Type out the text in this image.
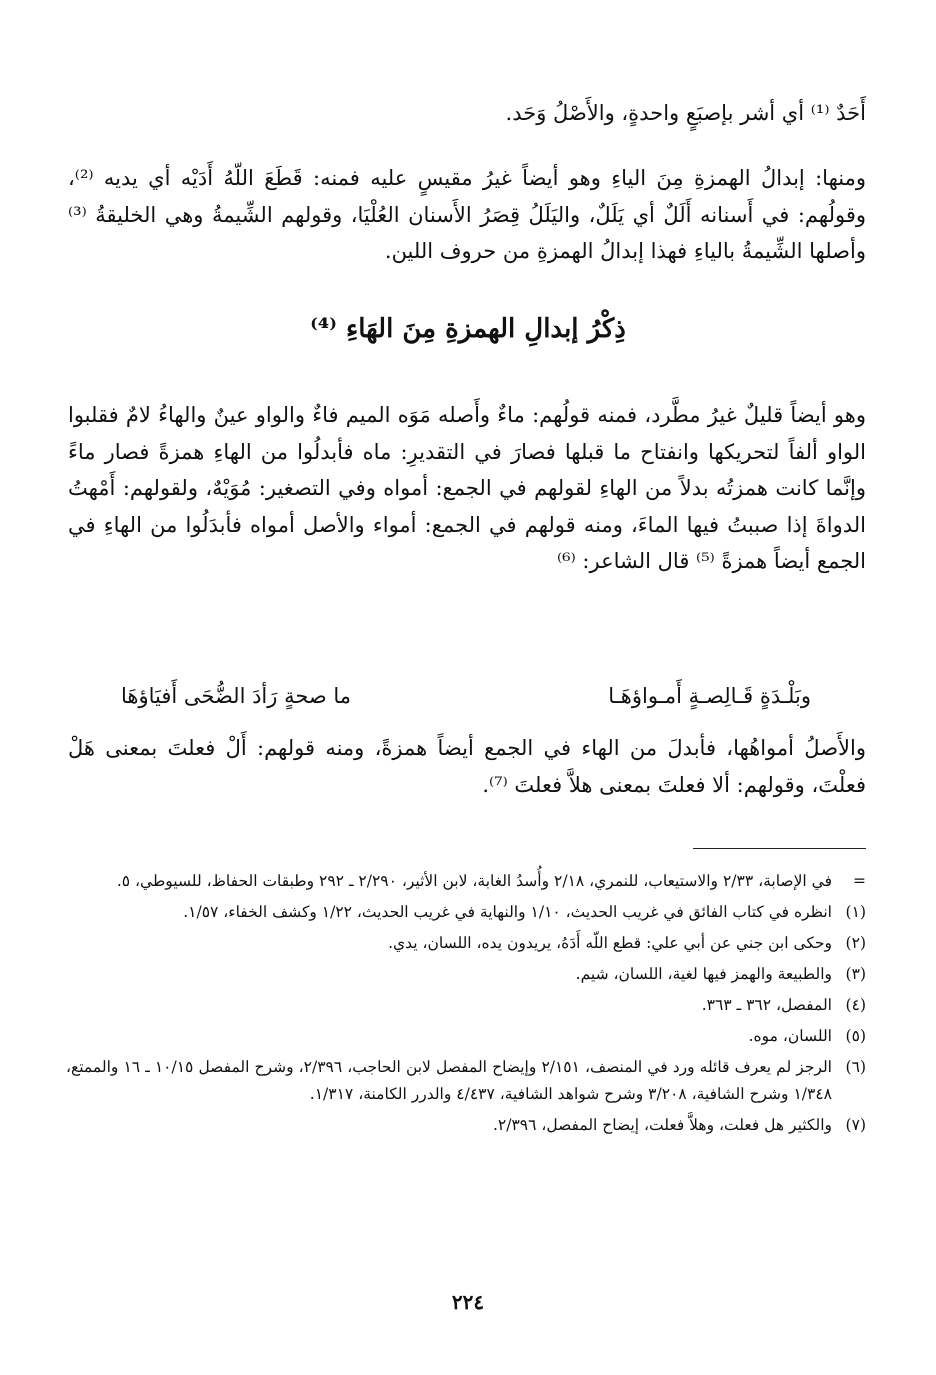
أَحَدٌ ⁽¹⁾ أي أشر بإصبَعٍ واحدةٍ، والأَصْلُ وَحَد.

ومنها: إبدالُ الهمزةِ مِنَ الياءِ وهو أيضاً غيرُ مقيسٍ عليه فمنه: قَطَعَ اللّهُ أَدَيْه أي يديه ⁽²⁾، وقولُهم: في أَسنانه أَلَلٌ أي يَلَلٌ، واليَلَلُ قِصَرُ الأَسنان العُلْيَا، وقولهم الشِّيمةُ وهي الخليقةُ ⁽³⁾ وأصلها الشِّيمةُ بالياءِ فهذا إبدالُ الهمزةِ من حروف اللين.

ذِكْرُ إبدالِ الهمزةِ مِنَ الهَاءِ ⁽⁴⁾

وهو أيضاً قليلٌ غيرُ مطَّرد، فمنه قولُهم: ماءٌ وأَصله مَوَه الميم فاءٌ والواو عينٌ والهاءُ لامٌ فقلبوا الواو ألفاً لتحريكها وانفتاح ما قبلها فصارَ في التقديرِ: ماه فأبدلُوا من الهاءِ همزةً فصار ماءً وإنَّما كانت همزتُه بدلاً من الهاءِ لقولهم في الجمع: أمواه وفي التصغير: مُوَيْهٌ، ولقولهم: أَمْهتُ الدواةَ إذا صببتُ فيها الماءَ، ومنه قولهم في الجمع: أمواء والأصل أمواه فأبدَلُوا من الهاءِ في الجمع أيضاً همزةً ⁽⁵⁾ قال الشاعر: ⁽⁶⁾

وبَلْـدَةٍ قَـالِصـةٍ أَمـواؤهَـا
ما صحةٍ رَأدَ الضُّحَى أَفيَاؤهَا

والأَصلُ أمواهُها، فأبدلَ من الهاء في الجمع أيضاً همزةً، ومنه قولهم: أَلْ فعلتَ بمعنى هَلْ فعلْتَ، وقولهم: ألا فعلتَ بمعنى هلاَّ فعلتَ ⁽⁷⁾.

=
في الإصابة، ٢/٣٣ والاستيعاب، للنمري، ٢/١٨ وأُسدُ الغابة، لابن الأثير، ٢/٢٩٠ ـ ٢٩٢ وطبقات الحفاظ، للسيوطي، ٥.
(١)
انظره في كتاب الفائق في غريب الحديث، ١/١٠ والنهاية في غريب الحديث، ١/٢٢ وكشف الخفاء، ١/٥٧.
(٢)
وحكى ابن جني عن أبي علي: قطع اللّه أَدَهُ، يريدون يده، اللسان، يدي.
(٣)
والطبيعة والهمز فيها لغية، اللسان، شيم.
(٤)
المفصل، ٣٦٢ ـ ٣٦٣.
(٥)
اللسان، موه.
(٦)
الرجز لم يعرف قائله ورد في المنصف، ٢/١٥١ وإيضاح المفصل لابن الحاجب، ٢/٣٩٦، وشرح المفصل ١٠/١٥ ـ ١٦ والممتع، ١/٣٤٨ وشرح الشافية، ٣/٢٠٨ وشرح شواهد الشافية، ٤/٤٣٧ والدرر الكامنة، ١/٣١٧.
(٧)
والكثير هل فعلت، وهلاَّ فعلت، إيضاح المفصل، ٢/٣٩٦.
٢٢٤
